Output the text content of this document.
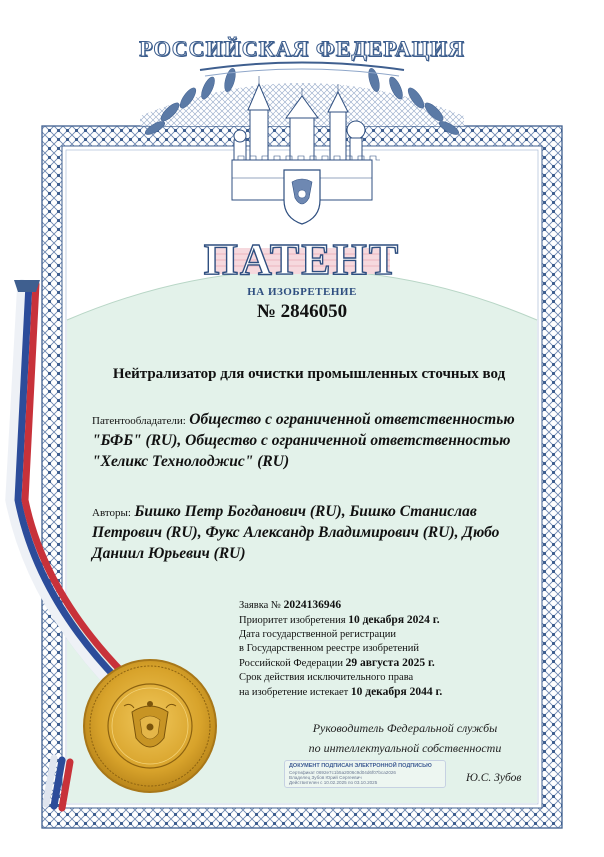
РОССИЙСКАЯ ФЕДЕРАЦИЯ
ПАТЕНТ
НА ИЗОБРЕТЕНИЕ
№ 2846050
Нейтрализатор для очистки промышленных сточных вод
Патентообладатели: Общество с ограниченной ответственностью "БФБ" (RU), Общество с ограниченной ответственностью "Хеликс Технолоджис" (RU)
Авторы: Бишко Петр Богданович (RU), Бишко Станислав Петрович (RU), Фукс Александр Владимирович (RU), Дюбо Даниил Юрьевич (RU)
Заявка № 2024136946
Приоритет изобретения 10 декабря 2024 г.
Дата государственной регистрации
в Государственном реестре изобретений
Российской Федерации 29 августа 2025 г.
Срок действия исключительного права
на изобретение истекает 10 декабря 2044 г.
Руководитель Федеральной службы
по интеллектуальной собственности
ДОКУМЕНТ ПОДПИСАН ЭЛЕКТРОННОЙ ПОДПИСЬЮ
Сертификат 0692e7c1b5a2006c9d04d6f07bca2026
Владелец Зубов Юрий Сергеевич
Действителен с 10.02.2025 по 03.10.2025	Ю.С. Зубов
